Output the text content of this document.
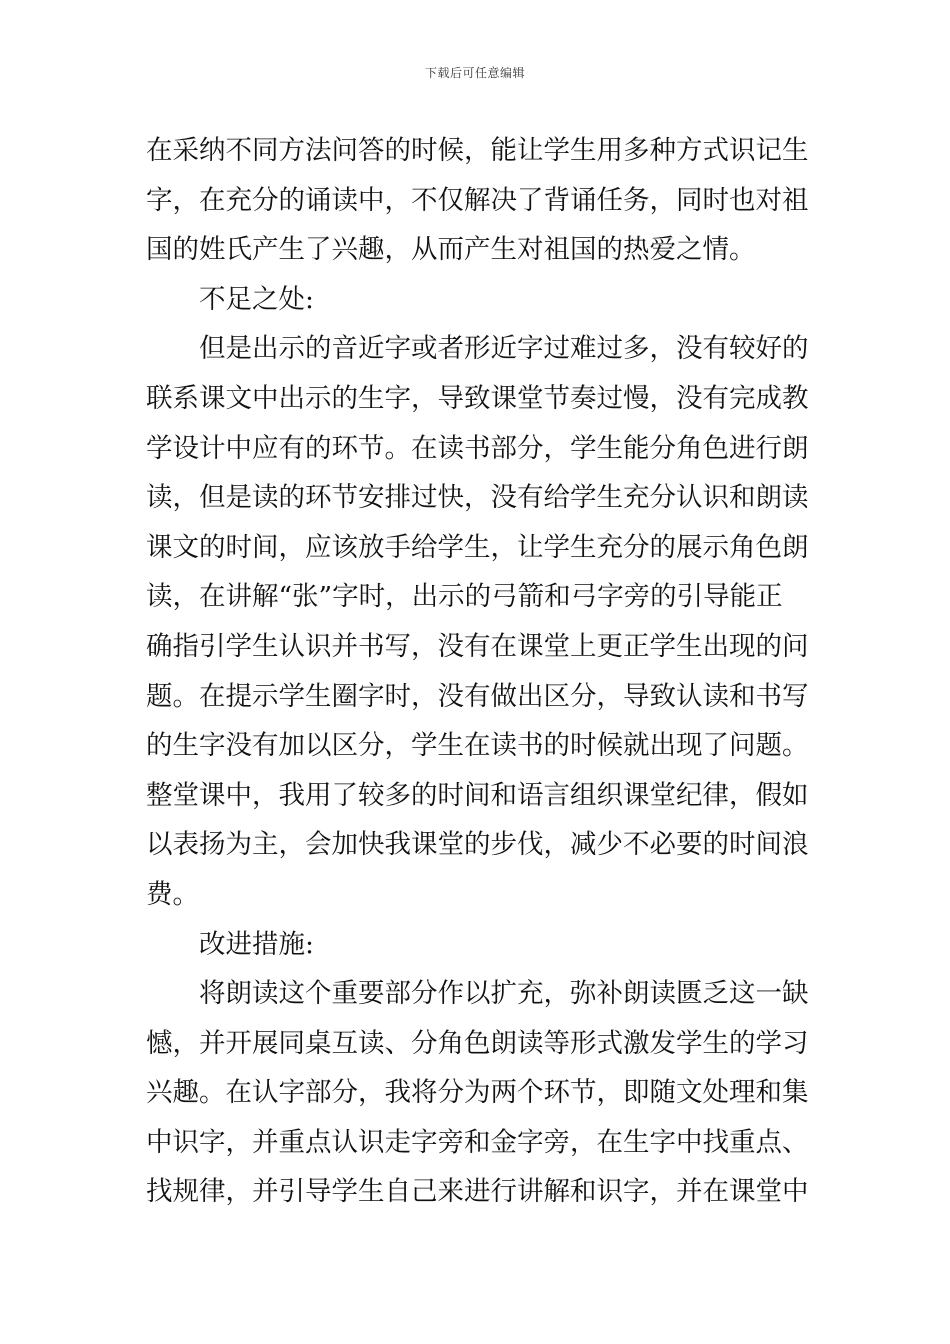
下载后可任意编辑
在采纳不同方法问答的时候，能让学生用多种方式识记生
字，在充分的诵读中，不仅解决了背诵任务，同时也对祖
国的姓氏产生了兴趣，从而产生对祖国的热爱之情。
不足之处:
但是出示的音近字或者形近字过难过多，没有较好的
联系课文中出示的生字，导致课堂节奏过慢，没有完成教
学设计中应有的环节。在读书部分，学生能分角色进行朗
读，但是读的环节安排过快，没有给学生充分认识和朗读
课文的时间，应该放手给学生，让学生充分的展示角色朗
读，在讲解“张”字时，出示的弓箭和弓字旁的引导能正
确指引学生认识并书写，没有在课堂上更正学生出现的问
题。在提示学生圈字时，没有做出区分，导致认读和书写
的生字没有加以区分，学生在读书的时候就出现了问题。
整堂课中，我用了较多的时间和语言组织课堂纪律，假如
以表扬为主，会加快我课堂的步伐，减少不必要的时间浪
费。
改进措施:
将朗读这个重要部分作以扩充，弥补朗读匮乏这一缺
憾，并开展同桌互读、分角色朗读等形式激发学生的学习
兴趣。在认字部分，我将分为两个环节，即随文处理和集
中识字，并重点认识走字旁和金字旁，在生字中找重点、
找规律，并引导学生自己来进行讲解和识字，并在课堂中
